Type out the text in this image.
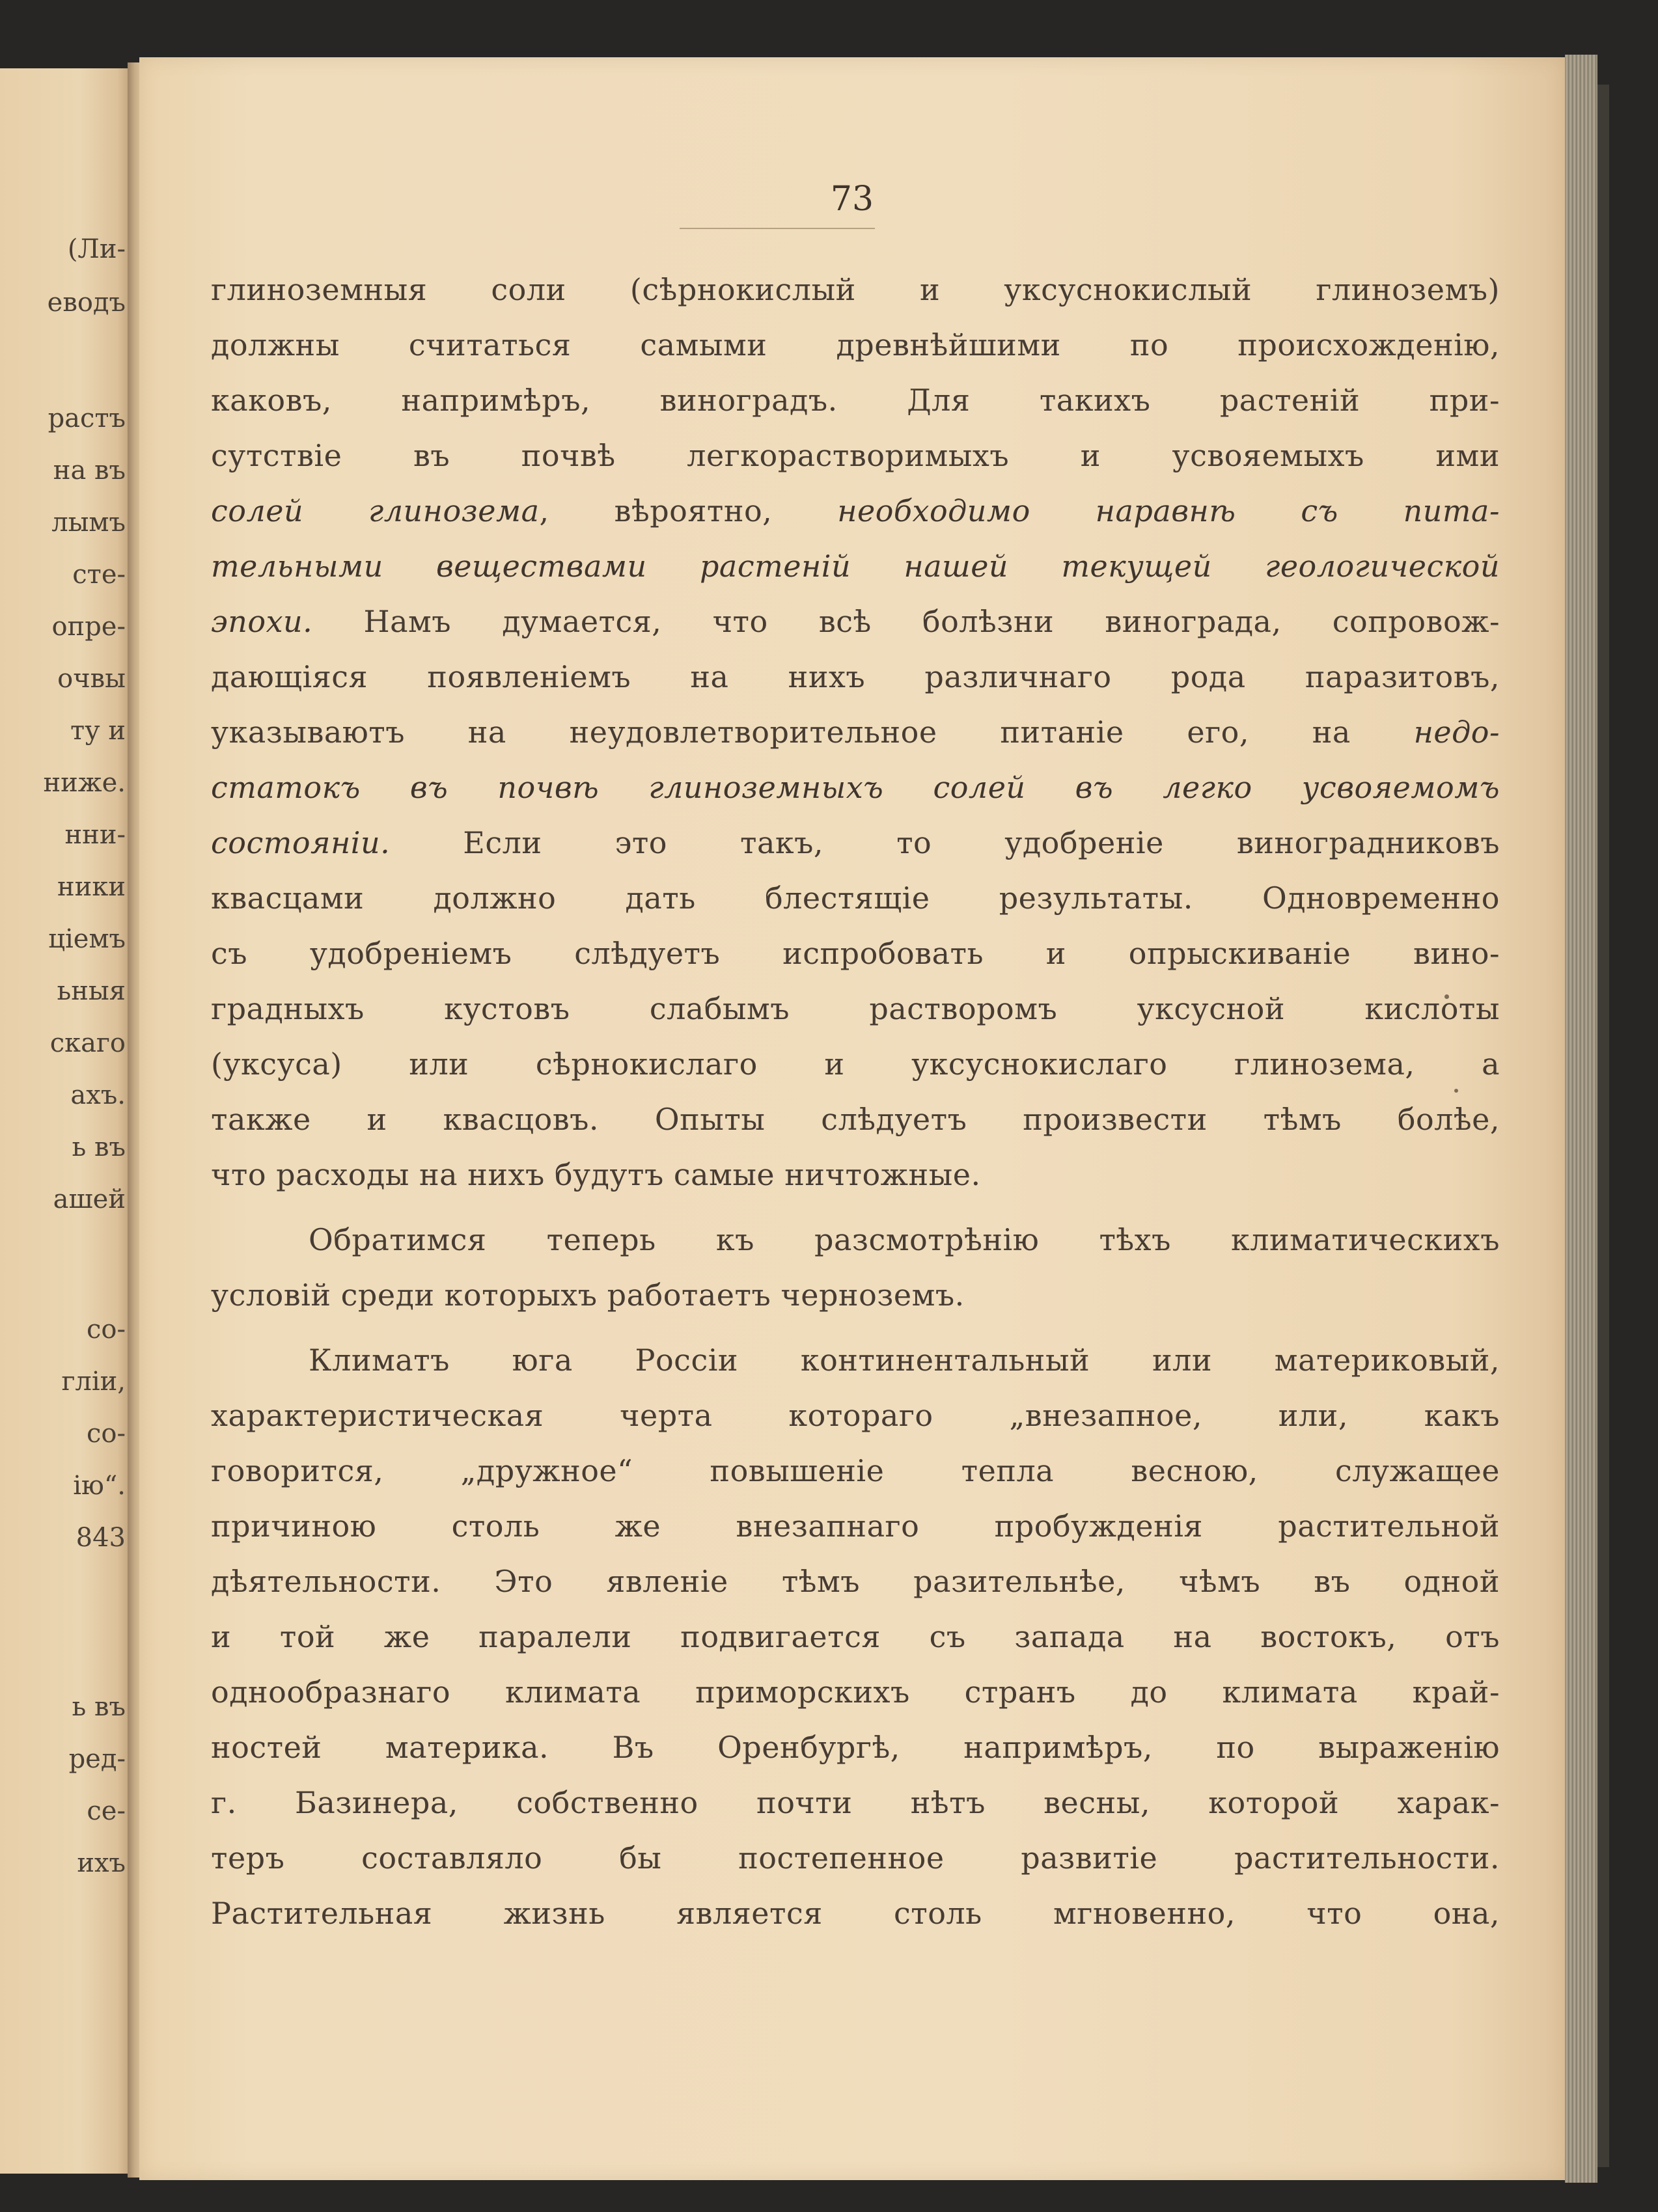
(Ли-
еводъ
растъ
на въ
лымъ
сте-
опре-
очвы
ту и
ниже.
нни-
ники
ціемъ
ьныя
скаго
ахъ.
ь въ
ашей
со-
гліи,
со-
ію“.
843
ь въ
ред-
се-
ихъ
73
глиноземныя соли (сѣрнокислый и уксуснокислый глиноземъ)
должны считаться самыми древнѣйшими по происхожденію,
каковъ, напримѣръ, виноградъ. Для такихъ растеній при-
сутствіе въ почвѣ легкорастворимыхъ и усвояемыхъ ими
солей глинозема, вѣроятно, необходимо наравнѣ съ пита-
тельными веществами растеній нашей текущей геологической
эпохи. Намъ думается, что всѣ болѣзни винограда, сопровож-
дающіяся появленіемъ на нихъ различнаго рода паразитовъ,
указываютъ на неудовлетворительное питаніе его, на недо-
статокъ въ почвѣ глиноземныхъ солей въ легко усвояемомъ
состояніи. Если это такъ, то удобреніе виноградниковъ
квасцами должно дать блестящіе результаты. Одновременно
съ удобреніемъ слѣдуетъ испробовать и опрыскиваніе вино-
градныхъ кустовъ слабымъ растворомъ уксусной кислоты
(уксуса) или сѣрнокислаго и уксуснокислаго глинозема, а
также и квасцовъ. Опыты слѣдуетъ произвести тѣмъ болѣе,
что расходы на нихъ будутъ самые ничтожные.
Обратимся теперь къ разсмотрѣнію тѣхъ климатическихъ
условій среди которыхъ работаетъ черноземъ.
Климатъ юга Россіи континентальный или материковый,
характеристическая черта котораго „внезапное, или, какъ
говорится, „дружное“ повышеніе тепла весною, служащее
причиною столь же внезапнаго пробужденія растительной
дѣятельности. Это явленіе тѣмъ разительнѣе, чѣмъ въ одной
и той же паралели подвигается съ запада на востокъ, отъ
однообразнаго климата приморскихъ странъ до климата край-
ностей материка. Въ Оренбургѣ, напримѣръ, по выраженію
г. Базинера, собственно почти нѣтъ весны, которой харак-
теръ составляло бы постепенное развитіе растительности.
Растительная жизнь является столь мгновенно, что она,
